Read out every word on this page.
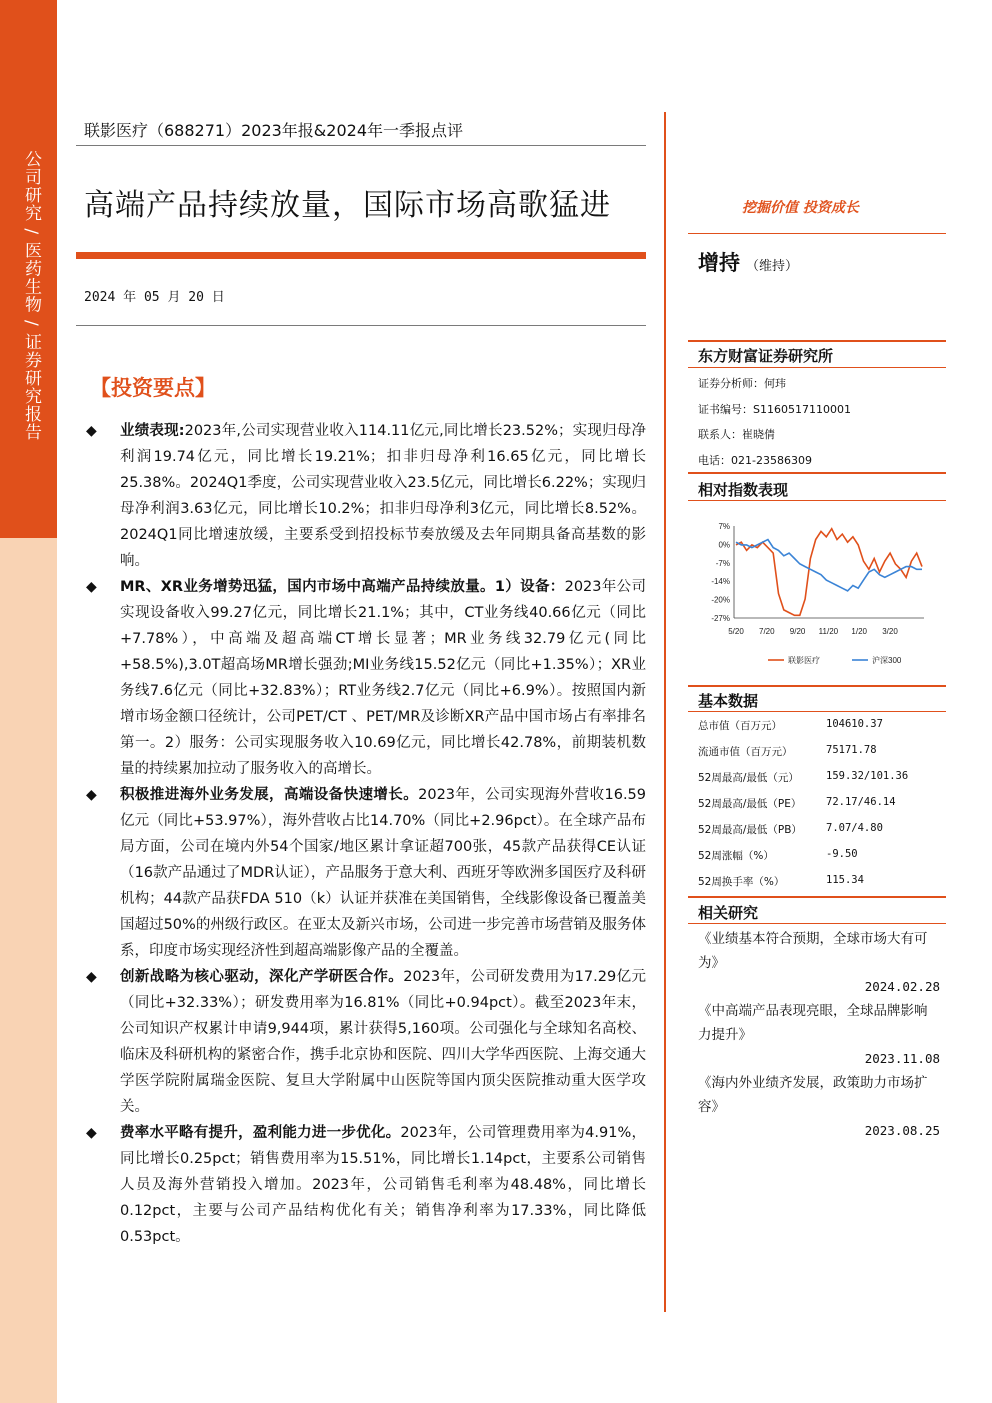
公司研究 / 医药生物 / 证券研究报告
联影医疗（688271）2023年报&2024年一季报点评
高端产品持续放量，国际市场高歌猛进
2024 年 05 月 20 日
【投资要点】
◆ 业绩表现:2023年,公司实现营业收入114.11亿元,同比增长23.52%；实现归母净利润19.74亿元，同比增长19.21%；扣非归母净利16.65亿元，同比增长25.38%。2024Q1季度，公司实现营业收入23.5亿元，同比增长6.22%；实现归母净利润3.63亿元，同比增长10.2%；扣非归母净利3亿元，同比增长8.52%。2024Q1同比增速放缓，主要系受到招投标节奏放缓及去年同期具备高基数的影响。
◆ MR、XR业务增势迅猛，国内市场中高端产品持续放量。1）设备：2023年公司实现设备收入99.27亿元，同比增长21.1%；其中，CT业务线40.66亿元（同比+7.78%），中高端及超高端CT增长显著；MR业务线32.79亿元(同比+58.5%),3.0T超高场MR增长强劲;MI业务线15.52亿元（同比+1.35%）；XR业务线7.6亿元（同比+32.83%）；RT业务线2.7亿元（同比+6.9%）。按照国内新增市场金额口径统计，公司PET/CT 、PET/MR及诊断XR产品中国市场占有率排名第一。2）服务：公司实现服务收入10.69亿元，同比增长42.78%，前期装机数量的持续累加拉动了服务收入的高增长。
◆ 积极推进海外业务发展，高端设备快速增长。2023年，公司实现海外营收16.59亿元（同比+53.97%），海外营收占比14.70%（同比+2.96pct）。在全球产品布局方面，公司在境内外54个国家/地区累计拿证超700张，45款产品获得CE认证（16款产品通过了MDR认证），产品服务于意大利、西班牙等欧洲多国医疗及科研机构；44款产品获FDA 510（k）认证并获准在美国销售，全线影像设备已覆盖美国超过50%的州级行政区。在亚太及新兴市场，公司进一步完善市场营销及服务体系，印度市场实现经济性到超高端影像产品的全覆盖。
◆ 创新战略为核心驱动，深化产学研医合作。2023年，公司研发费用为17.29亿元（同比+32.33%）；研发费用率为16.81%（同比+0.94pct）。截至2023年末，公司知识产权累计申请9,944项，累计获得5,160项。公司强化与全球知名高校、临床及科研机构的紧密合作，携手北京协和医院、四川大学华西医院、上海交通大学医学院附属瑞金医院、复旦大学附属中山医院等国内顶尖医院推动重大医学攻关。
◆ 费率水平略有提升，盈利能力进一步优化。2023年，公司管理费用率为4.91%，同比增长0.25pct；销售费用率为15.51%，同比增长1.14pct，主要系公司销售人员及海外营销投入增加。2023年，公司销售毛利率为48.48%，同比增长0.12pct，主要与公司产品结构优化有关；销售净利率为17.33%，同比降低0.53pct。
挖掘价值 投资成长
增持 （维持）
东方财富证券研究所
证券分析师：何玮
证书编号：S1160517110001
联系人：崔晓倩
电话：021-23586309
相对指数表现
7%
0%
-7%
-14%
-20%
-27%
5/20 7/20 9/20 11/20 1/20 3/20
联影医疗	沪深300
基本数据
总市值（百万元）	104610.37
流通市值（百万元）	75171.78
52周最高/最低（元）	159.32/101.36
52周最高/最低（PE） 72.17/46.14
52周最高/最低（PB） 7.07/4.80
52周涨幅（%）	-9.50
52周换手率（%）	115.34
相关研究
《业绩基本符合预期，全球市场大有可为》
2024.02.28
《中高端产品表现亮眼，全球品牌影响力提升》
2023.11.08
《海内外业绩齐发展，政策助力市场扩容》
2023.08.25
